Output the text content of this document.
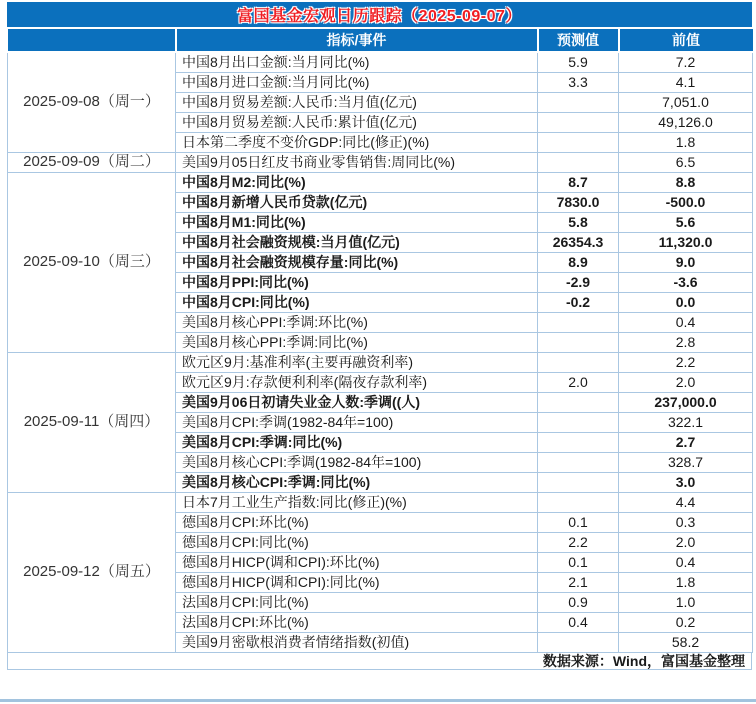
富国基金宏观日历跟踪（2025-09-07）
	指标/事件	预测值	前值
2025-09-08（周一）	中国8月出口金额:当月同比(%)	5.9	7.2
	中国8月进口金额:当月同比(%)	3.3	4.1
	中国8月贸易差额:人民币:当月值(亿元)		7,051.0
	中国8月贸易差额:人民币:累计值(亿元)		49,126.0
	日本第二季度不变价GDP:同比(修正)(%)		1.8
2025-09-09（周二）	美国9月05日红皮书商业零售销售:周同比(%)		6.5
2025-09-10（周三）	中国8月M2:同比(%)	8.7	8.8
	中国8月新增人民币贷款(亿元)	7830.0	-500.0
	中国8月M1:同比(%)	5.8	5.6
	中国8月社会融资规模:当月值(亿元)	26354.3	11,320.0
	中国8月社会融资规模存量:同比(%)	8.9	9.0
	中国8月PPI:同比(%)	-2.9	-3.6
	中国8月CPI:同比(%)	-0.2	0.0
	美国8月核心PPI:季调:环比(%)		0.4
	美国8月核心PPI:季调:同比(%)		2.8
2025-09-11（周四）	欧元区9月:基准利率(主要再融资利率)		2.2
	欧元区9月:存款便利利率(隔夜存款利率)	2.0	2.0
	美国9月06日初请失业金人数:季调((人)		237,000.0
	美国8月CPI:季调(1982-84年=100)		322.1
	美国8月CPI:季调:同比(%)		2.7
	美国8月核心CPI:季调(1982-84年=100)		328.7
	美国8月核心CPI:季调:同比(%)		3.0
2025-09-12（周五）	日本7月工业生产指数:同比(修正)(%)		4.4
	德国8月CPI:环比(%)	0.1	0.3
	德国8月CPI:同比(%)	2.2	2.0
	德国8月HICP(调和CPI):环比(%)	0.1	0.4
	德国8月HICP(调和CPI):同比(%)	2.1	1.8
	法国8月CPI:同比(%)	0.9	1.0
	法国8月CPI:环比(%)	0.4	0.2
	美国9月密歇根消费者情绪指数(初值)		58.2
数据来源：Wind，富国基金整理
